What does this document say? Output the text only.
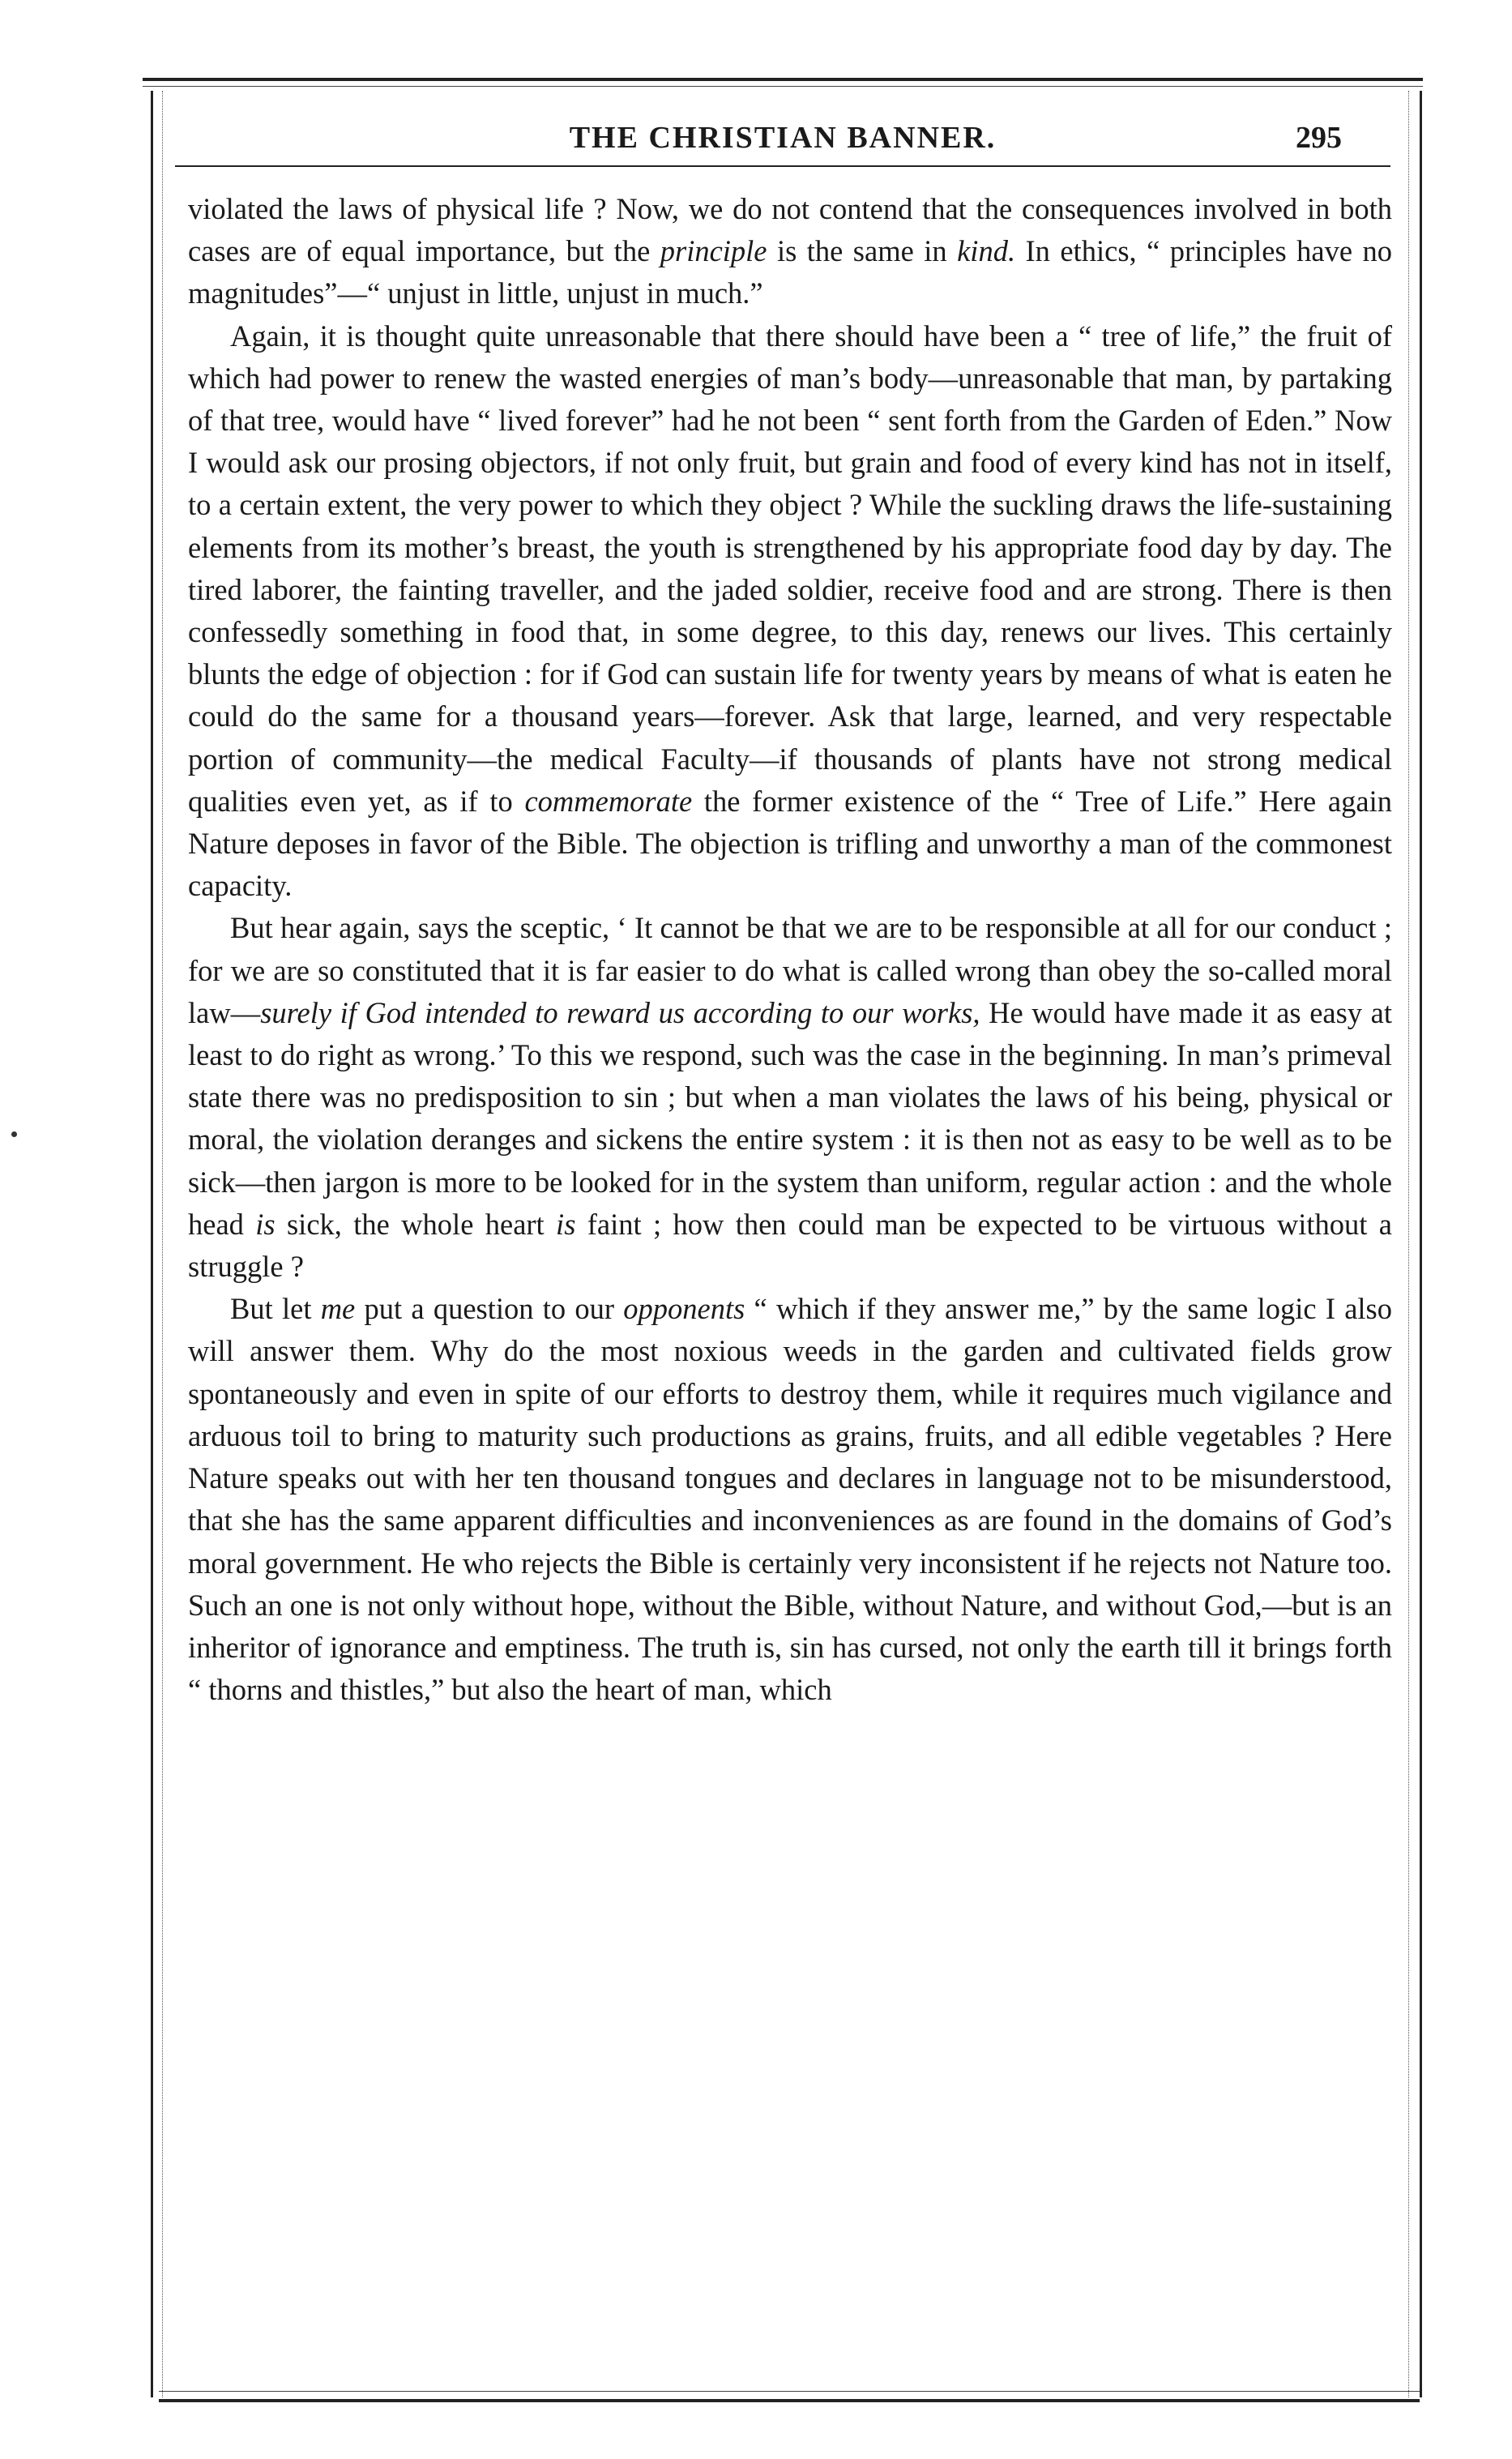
THE CHRISTIAN BANNER.	295

violated the laws of physical life ? Now, we do not contend that the consequences involved in both cases are of equal importance, but the principle is the same in kind. In ethics, “ principles have no magnitudes”—“ unjust in little, unjust in much.”

Again, it is thought quite unreasonable that there should have been a “ tree of life,” the fruit of which had power to renew the wasted energies of man’s body—unreasonable that man, by partaking of that tree, would have “ lived forever” had he not been “ sent forth from the Garden of Eden.” Now I would ask our prosing objectors, if not only fruit, but grain and food of every kind has not in itself, to a certain extent, the very power to which they object ? While the suckling draws the life-sustaining elements from its mother’s breast, the youth is strengthened by his appropriate food day by day. The tired laborer, the fainting traveller, and the jaded soldier, receive food and are strong. There is then confessedly something in food that, in some degree, to this day, renews our lives. This certainly blunts the edge of objection : for if God can sustain life for twenty years by means of what is eaten he could do the same for a thousand years—forever. Ask that large, learned, and very respectable portion of community—the medical Faculty—if thousands of plants have not strong medical qualities even yet, as if to commemorate the former existence of the “ Tree of Life.” Here again Nature deposes in favor of the Bible. The objection is trifling and unworthy a man of the commonest capacity.

But hear again, says the sceptic, ‘ It cannot be that we are to be responsible at all for our conduct ; for we are so constituted that it is far easier to do what is called wrong than obey the so-called moral law—surely if God intended to reward us according to our works, He would have made it as easy at least to do right as wrong.’ To this we respond, such was the case in the beginning. In man’s primeval state there was no predisposition to sin ; but when a man violates the laws of his being, physical or moral, the violation deranges and sickens the entire system : it is then not as easy to be well as to be sick—then jargon is more to be looked for in the system than uniform, regular action : and the whole head is sick, the whole heart is faint ; how then could man be expected to be virtuous without a struggle ?

But let me put a question to our opponents “ which if they answer me,” by the same logic I also will answer them. Why do the most noxious weeds in the garden and cultivated fields grow spontaneously and even in spite of our efforts to destroy them, while it requires much vigilance and arduous toil to bring to maturity such productions as grains, fruits, and all edible vegetables ? Here Nature speaks out with her ten thousand tongues and declares in language not to be misunderstood, that she has the same apparent difficulties and inconveniences as are found in the domains of God’s moral government. He who rejects the Bible is certainly very inconsistent if he rejects not Nature too. Such an one is not only without hope, without the Bible, without Nature, and without God,—but is an inheritor of ignorance and emptiness. The truth is, sin has cursed, not only the earth till it brings forth “ thorns and thistles,” but also the heart of man, which
